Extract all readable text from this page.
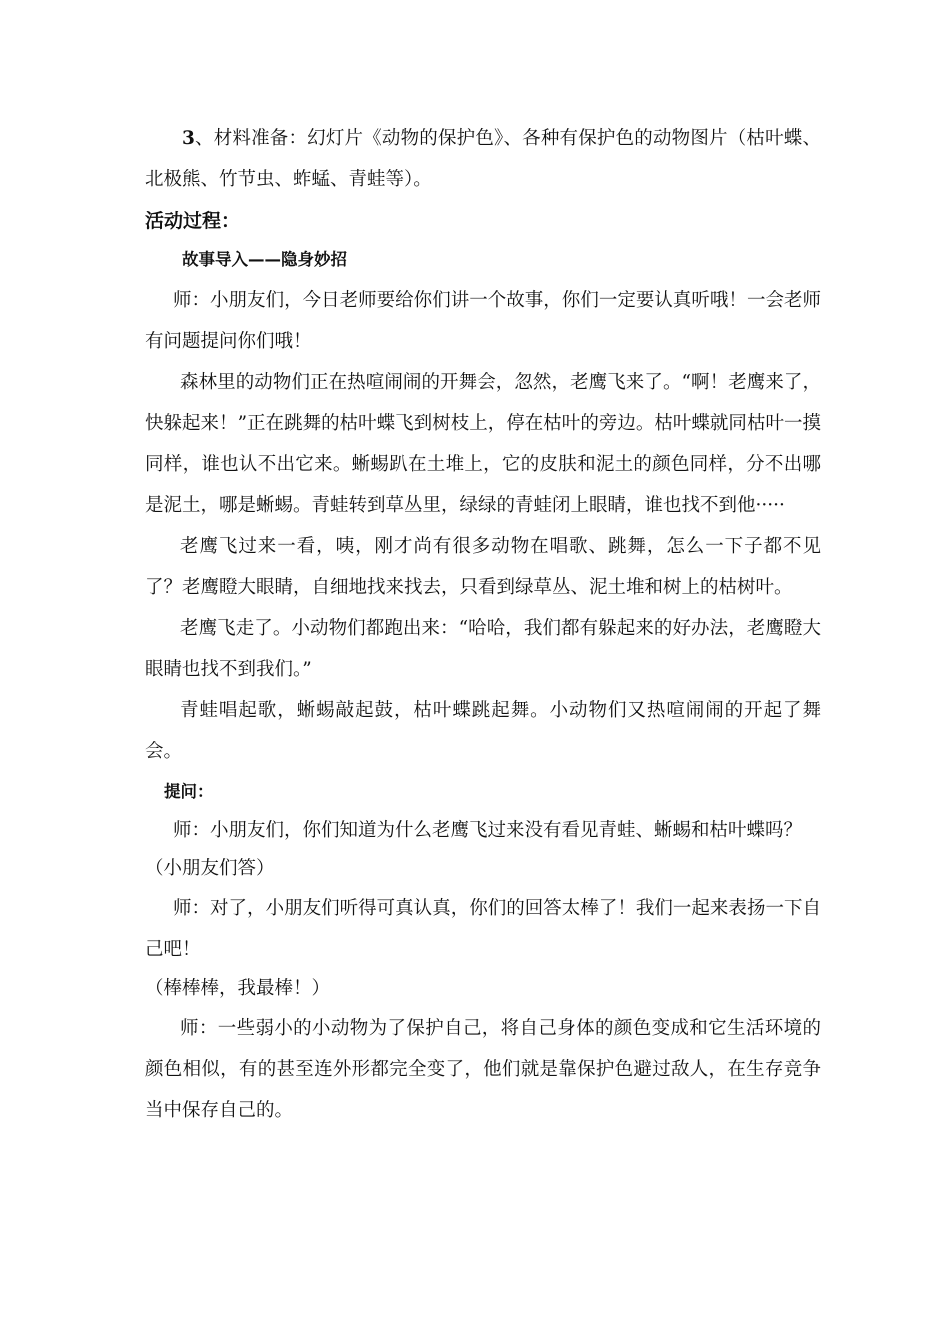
3、材料准备：幻灯片《动物的保护色》、各种有保护色的动物图片（枯叶蝶、北极熊、竹节虫、蚱蜢、青蛙等）。

活动过程：
故事导入——隐身妙招

师：小朋友们，今日老师要给你们讲一个故事，你们一定要认真听哦！一会老师有问题提问你们哦！

森林里的动物们正在热喧闹闹的开舞会，忽然，老鹰飞来了。“啊！老鹰来了，快躲起来！”正在跳舞的枯叶蝶飞到树枝上，停在枯叶的旁边。枯叶蝶就同枯叶一摸同样，谁也认不出它来。蜥蜴趴在土堆上，它的皮肤和泥土的颜色同样，分不出哪是泥土，哪是蜥蜴。青蛙转到草丛里，绿绿的青蛙闭上眼睛，谁也找不到他·····

老鹰飞过来一看，咦，刚才尚有很多动物在唱歌、跳舞，怎么一下子都不见了？老鹰瞪大眼睛，自细地找来找去，只看到绿草丛、泥土堆和树上的枯树叶。

老鹰飞走了。小动物们都跑出来：“哈哈，我们都有躲起来的好办法，老鹰瞪大眼睛也找不到我们。”

青蛙唱起歌，蜥蜴敲起鼓，枯叶蝶跳起舞。小动物们又热喧闹闹的开起了舞会。

提问：

师：小朋友们，你们知道为什么老鹰飞过来没有看见青蛙、蜥蜴和枯叶蝶吗？

（小朋友们答）

师：对了，小朋友们听得可真认真，你们的回答太棒了！我们一起来表扬一下自己吧！

（棒棒棒，我最棒！）

师：一些弱小的小动物为了保护自己，将自己身体的颜色变成和它生活环境的颜色相似，有的甚至连外形都完全变了，他们就是靠保护色避过敌人，在生存竞争当中保存自己的。
